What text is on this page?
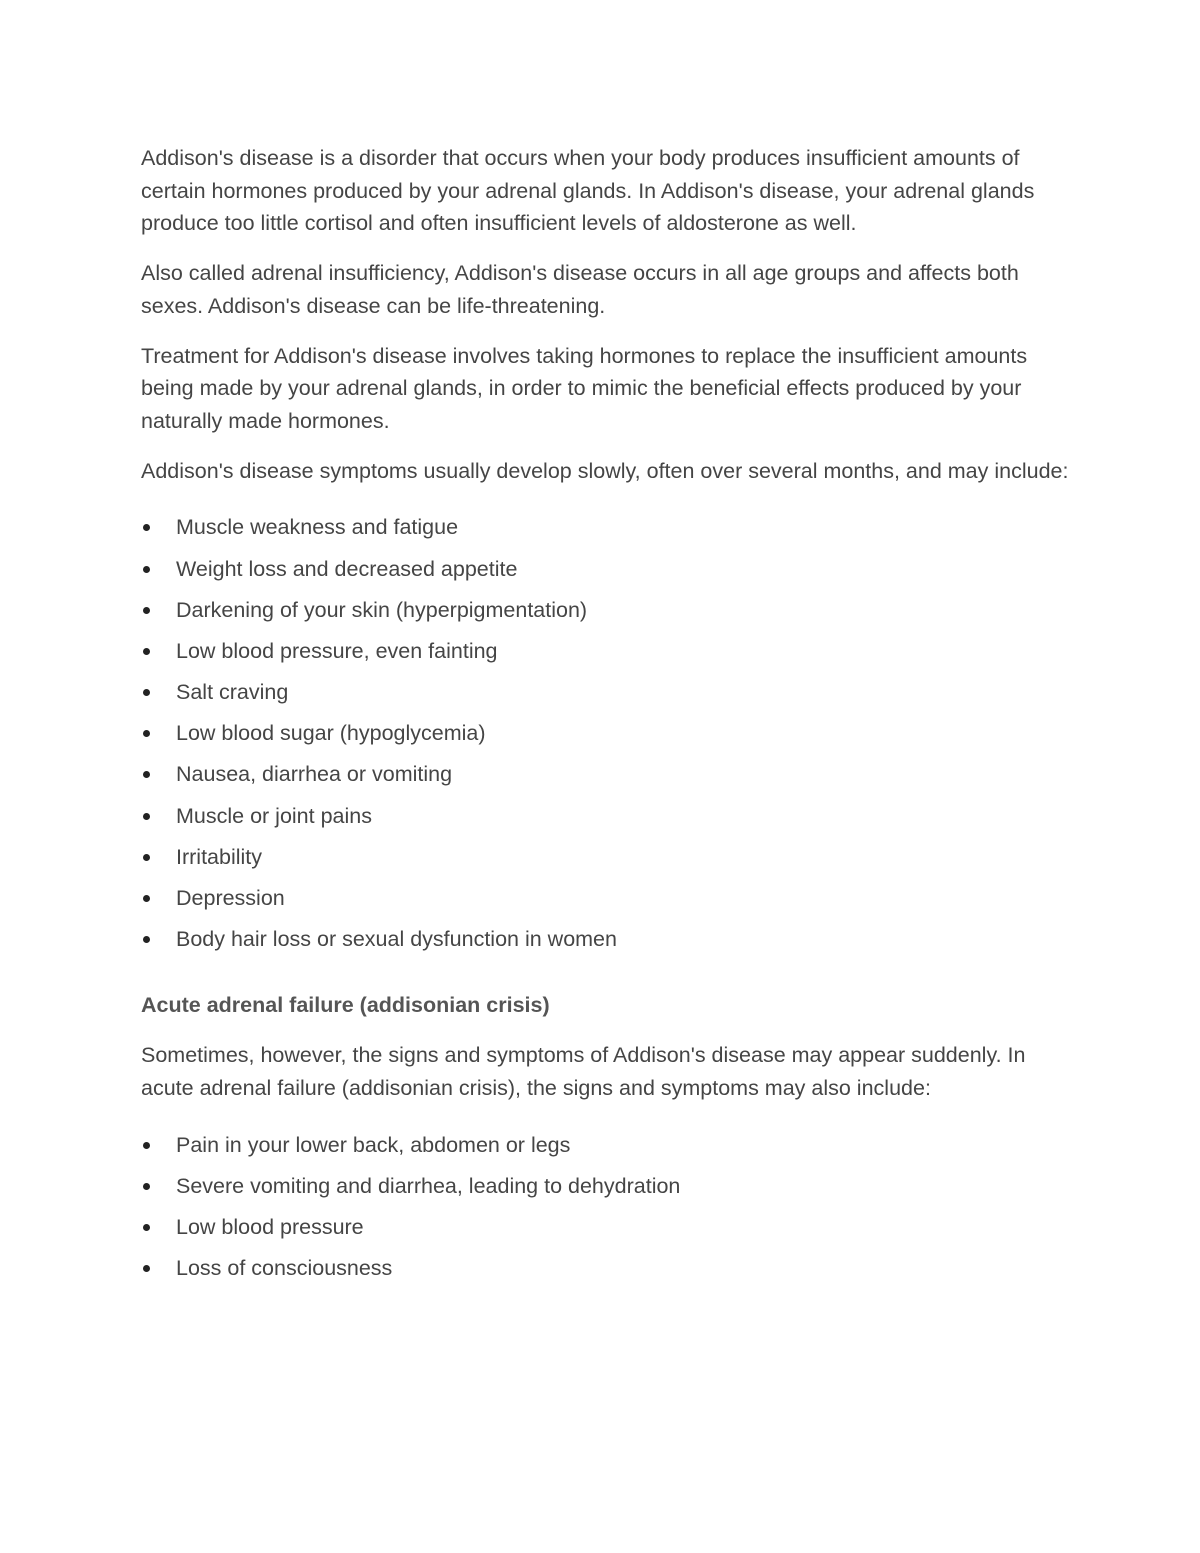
Addison's disease is a disorder that occurs when your body produces insufficient amounts of certain hormones produced by your adrenal glands. In Addison's disease, your adrenal glands produce too little cortisol and often insufficient levels of aldosterone as well.

Also called adrenal insufficiency, Addison's disease occurs in all age groups and affects both sexes. Addison's disease can be life-threatening.

Treatment for Addison's disease involves taking hormones to replace the insufficient amounts being made by your adrenal glands, in order to mimic the beneficial effects produced by your naturally made hormones.

Addison's disease symptoms usually develop slowly, often over several months, and may include:

Muscle weakness and fatigue
Weight loss and decreased appetite
Darkening of your skin (hyperpigmentation)
Low blood pressure, even fainting
Salt craving
Low blood sugar (hypoglycemia)
Nausea, diarrhea or vomiting
Muscle or joint pains
Irritability
Depression
Body hair loss or sexual dysfunction in women

Acute adrenal failure (addisonian crisis)

Sometimes, however, the signs and symptoms of Addison's disease may appear suddenly. In acute adrenal failure (addisonian crisis), the signs and symptoms may also include:

Pain in your lower back, abdomen or legs
Severe vomiting and diarrhea, leading to dehydration
Low blood pressure
Loss of consciousness
